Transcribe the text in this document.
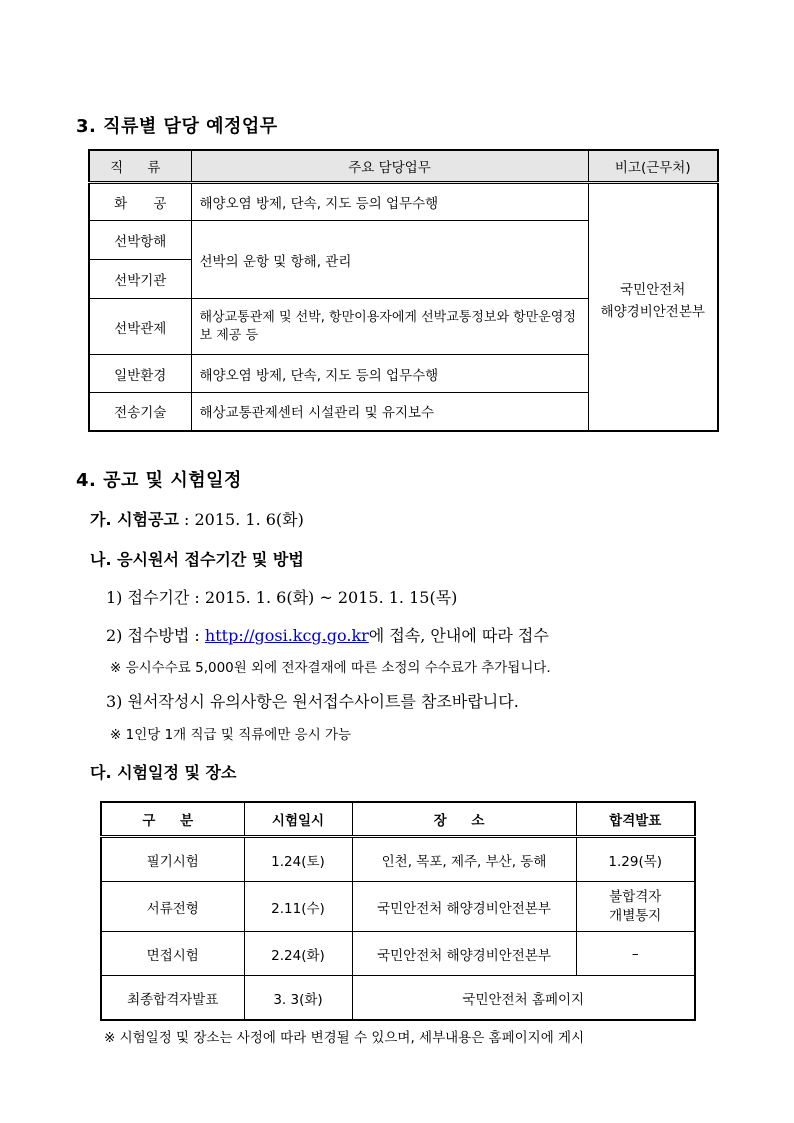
3. 직류별 담당 예정업무
직 류	주요 담당업무	비고(근무처)
화 공	해양오염 방제, 단속, 지도 등의 업무수행	국민안전처
해양경비안전본부

선박항해	선박의 운항 및 항해, 관리	
선박기관		
선박관제	해상교통관제 및 선박, 항만이용자에게 선박교통정보와 항만운영정보 제공 등	
일반환경	해양오염 방제, 단속, 지도 등의 업무수행	
전송기술	해상교통관제센터 시설관리 및 유지보수	
4. 공고 및 시험일정
가. 시험공고 : 2015. 1. 6(화)
나. 응시원서 접수기간 및 방법
1) 접수기간 : 2015. 1. 6(화) ~ 2015. 1. 15(목)
2) 접수방법 : http://gosi.kcg.go.kr에 접속, 안내에 따라 접수
※ 응시수수료 5,000원 외에 전자결재에 따른 소정의 수수료가 추가됩니다.
3) 원서작성시 유의사항은 원서접수사이트를 참조바랍니다.
※ 1인당 1개 직급 및 직류에만 응시 가능
다. 시험일정 및 장소
구 분	시험일시	장 소	합격발표
필기시험	1.24(토)	인천, 목포, 제주, 부산, 동해	1.29(목)
서류전형	2.11(수)	국민안전처 해양경비안전본부	불합격자
개별통지

면접시험	2.24(화)	국민안전처 해양경비안전본부	–
최종합격자발표	3. 3(화)	국민안전처 홈페이지	
※ 시험일정 및 장소는 사정에 따라 변경될 수 있으며, 세부내용은 홈페이지에 게시
